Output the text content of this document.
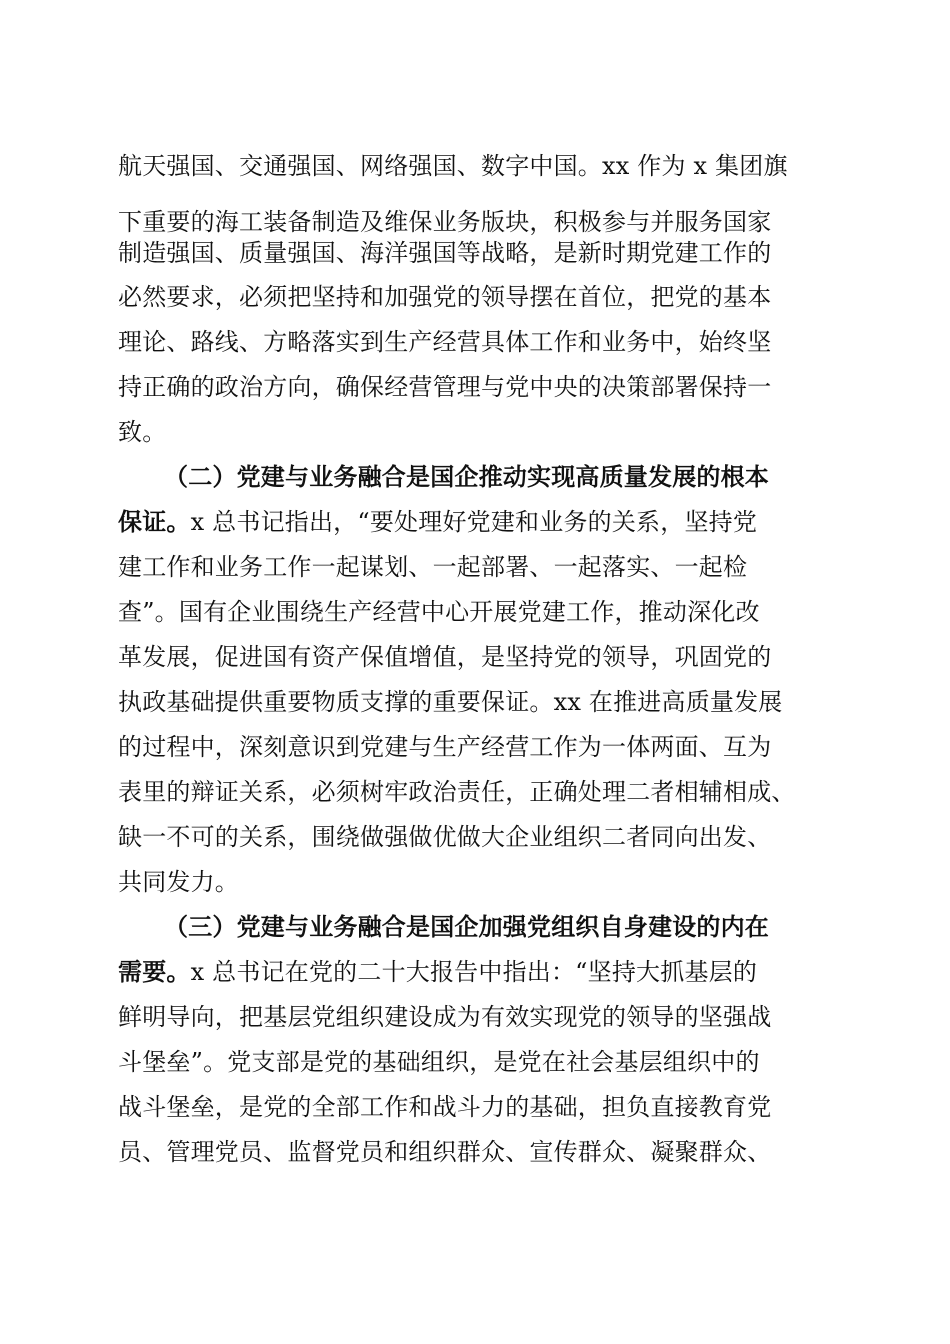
航天强国、交通强国、网络强国、数字中国。xx 作为 x 集团旗
下重要的海工装备制造及维保业务版块，积极参与并服务国家
制造强国、质量强国、海洋强国等战略，是新时期党建工作的
必然要求，必须把坚持和加强党的领导摆在首位，把党的基本
理论、路线、方略落实到生产经营具体工作和业务中，始终坚
持正确的政治方向，确保经营管理与党中央的决策部署保持一
致。
（二）党建与业务融合是国企推动实现高质量发展的根本
保证。x 总书记指出，“要处理好党建和业务的关系，坚持党
建工作和业务工作一起谋划、一起部署、一起落实、一起检
查”。国有企业围绕生产经营中心开展党建工作，推动深化改
革发展，促进国有资产保值增值，是坚持党的领导，巩固党的
执政基础提供重要物质支撑的重要保证。xx 在推进高质量发展
的过程中，深刻意识到党建与生产经营工作为一体两面、互为
表里的辩证关系，必须树牢政治责任，正确处理二者相辅相成、
缺一不可的关系，围绕做强做优做大企业组织二者同向出发、
共同发力。
（三）党建与业务融合是国企加强党组织自身建设的内在
需要。x 总书记在党的二十大报告中指出：“坚持大抓基层的
鲜明导向，把基层党组织建设成为有效实现党的领导的坚强战
斗堡垒”。党支部是党的基础组织，是党在社会基层组织中的
战斗堡垒，是党的全部工作和战斗力的基础，担负直接教育党
员、管理党员、监督党员和组织群众、宣传群众、凝聚群众、
